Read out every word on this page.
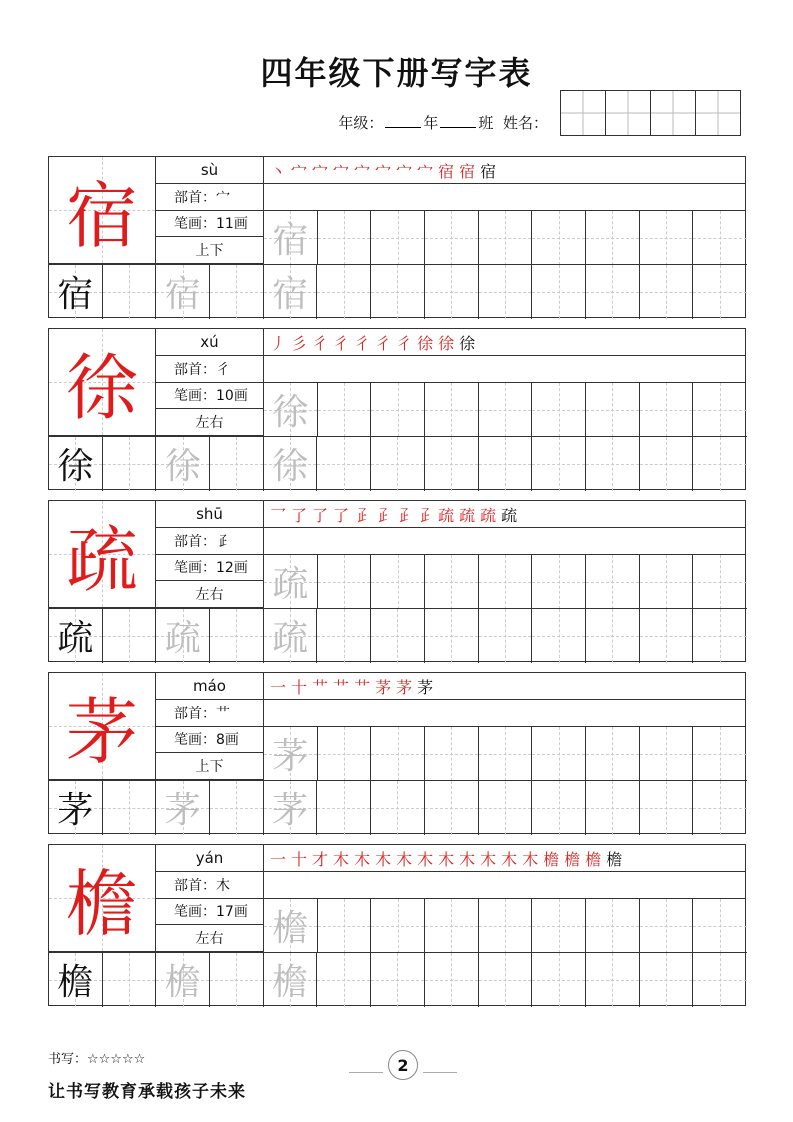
四年级下册写字表
年级：	年	班 姓名：
宿
sù
部首： 宀
笔画： 11画
上下
丶 宀 宀 宀 宀 宀 宀 宀 宿 宿 宿
宿
宿 宿 宿
徐
xú
部首： 彳
笔画： 10画
左右
丿 彡 彳 彳 彳 彳 彳 徐 徐 徐
徐
徐 徐 徐
疏
shū
部首： 𤴔
笔画： 12画
左右
乛 了 了 了 𤴔 𤴔 𤴔 𤴔 疏 疏 疏 疏
疏
疏 疏 疏
茅
máo
部首： 艹
笔画： 8画
上下
一 十 艹 艹 艹 茅 茅 茅
茅
茅 茅 茅
檐
yán
部首： 木
笔画： 17画
左右
一 十 才 木 木 木 木 木 木 木 木 木 木 檐 檐 檐 檐
檐
檐 檐 檐
书写：☆☆☆☆☆	2
让书写教育承载孩子未来
